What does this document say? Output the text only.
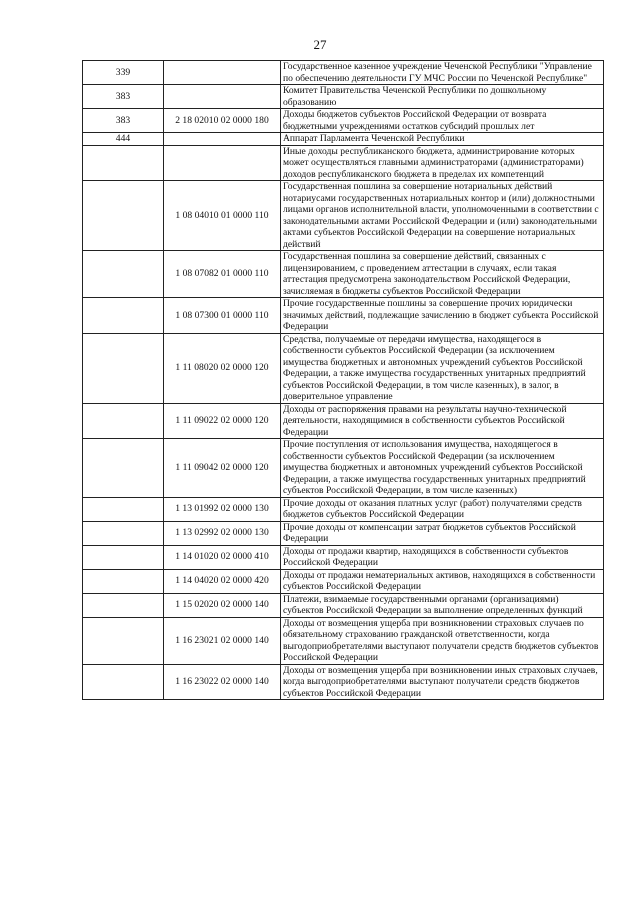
27
339		Государственное казенное учреждение Чеченской Республики "Управление по обеспечению деятельности ГУ МЧС России по Чеченской Республике"
383		Комитет Правительства Чеченской Республики по дошкольному образованию
383	2 18 02010 02 0000 180	Доходы бюджетов субъектов Российской Федерации от возврата бюджетными учреждениями остатков субсидий прошлых лет
444		Аппарат Парламента Чеченской Республики
		Иные доходы республиканского бюджета, администрирование которых может осуществляться главными администраторами (администраторами) доходов республиканского бюджета в пределах их компетенций
	1 08 04010 01 0000 110	Государственная пошлина за совершение нотариальных действий нотариусами государственных нотариальных контор и (или) должностными лицами органов исполнительной власти, уполномоченными в соответствии с законодательными актами Российской Федерации и (или) законодательными актами субъектов Российской Федерации на совершение нотариальных действий
	1 08 07082 01 0000 110	Государственная пошлина за совершение действий, связанных с лицензированием, с проведением аттестации в случаях, если такая аттестация предусмотрена законодательством Российской Федерации, зачисляемая в бюджеты субъектов Российской Федерации
	1 08 07300 01 0000 110	Прочие государственные пошлины за совершение прочих юридически значимых действий, подлежащие зачислению в бюджет субъекта Российской Федерации
	1 11 08020 02 0000 120	Средства, получаемые от передачи имущества, находящегося в собственности субъектов Российской Федерации (за исключением имущества бюджетных и автономных учреждений субъектов Российской Федерации, а также имущества государственных унитарных предприятий субъектов Российской Федерации, в том числе казенных), в залог, в доверительное управление
	1 11 09022 02 0000 120	Доходы от распоряжения правами на результаты научно-технической деятельности, находящимися в собственности субъектов Российской Федерации
	1 11 09042 02 0000 120	Прочие поступления от использования имущества, находящегося в собственности субъектов Российской Федерации (за исключением имущества бюджетных и автономных учреждений субъектов Российской Федерации, а также имущества государственных унитарных предприятий субъектов Российской Федерации, в том числе казенных)
	1 13 01992 02 0000 130	Прочие доходы от оказания платных услуг (работ) получателями средств бюджетов субъектов Российской Федерации
	1 13 02992 02 0000 130	Прочие доходы от компенсации затрат бюджетов субъектов Российской Федерации
	1 14 01020 02 0000 410	Доходы от продажи квартир, находящихся в собственности субъектов Российской Федерации
	1 14 04020 02 0000 420	Доходы от продажи нематериальных активов, находящихся в собственности субъектов Российской Федерации
	1 15 02020 02 0000 140	Платежи, взимаемые государственными органами (организациями) субъектов Российской Федерации за выполнение определенных функций
	1 16 23021 02 0000 140	Доходы от возмещения ущерба при возникновении страховых случаев по обязательному страхованию гражданской ответственности, когда выгодоприобретателями выступают получатели средств бюджетов субъектов Российской Федерации
	1 16 23022 02 0000 140	Доходы от возмещения ущерба при возникновении иных страховых случаев, когда выгодоприобретателями выступают получатели средств бюджетов субъектов Российской Федерации
